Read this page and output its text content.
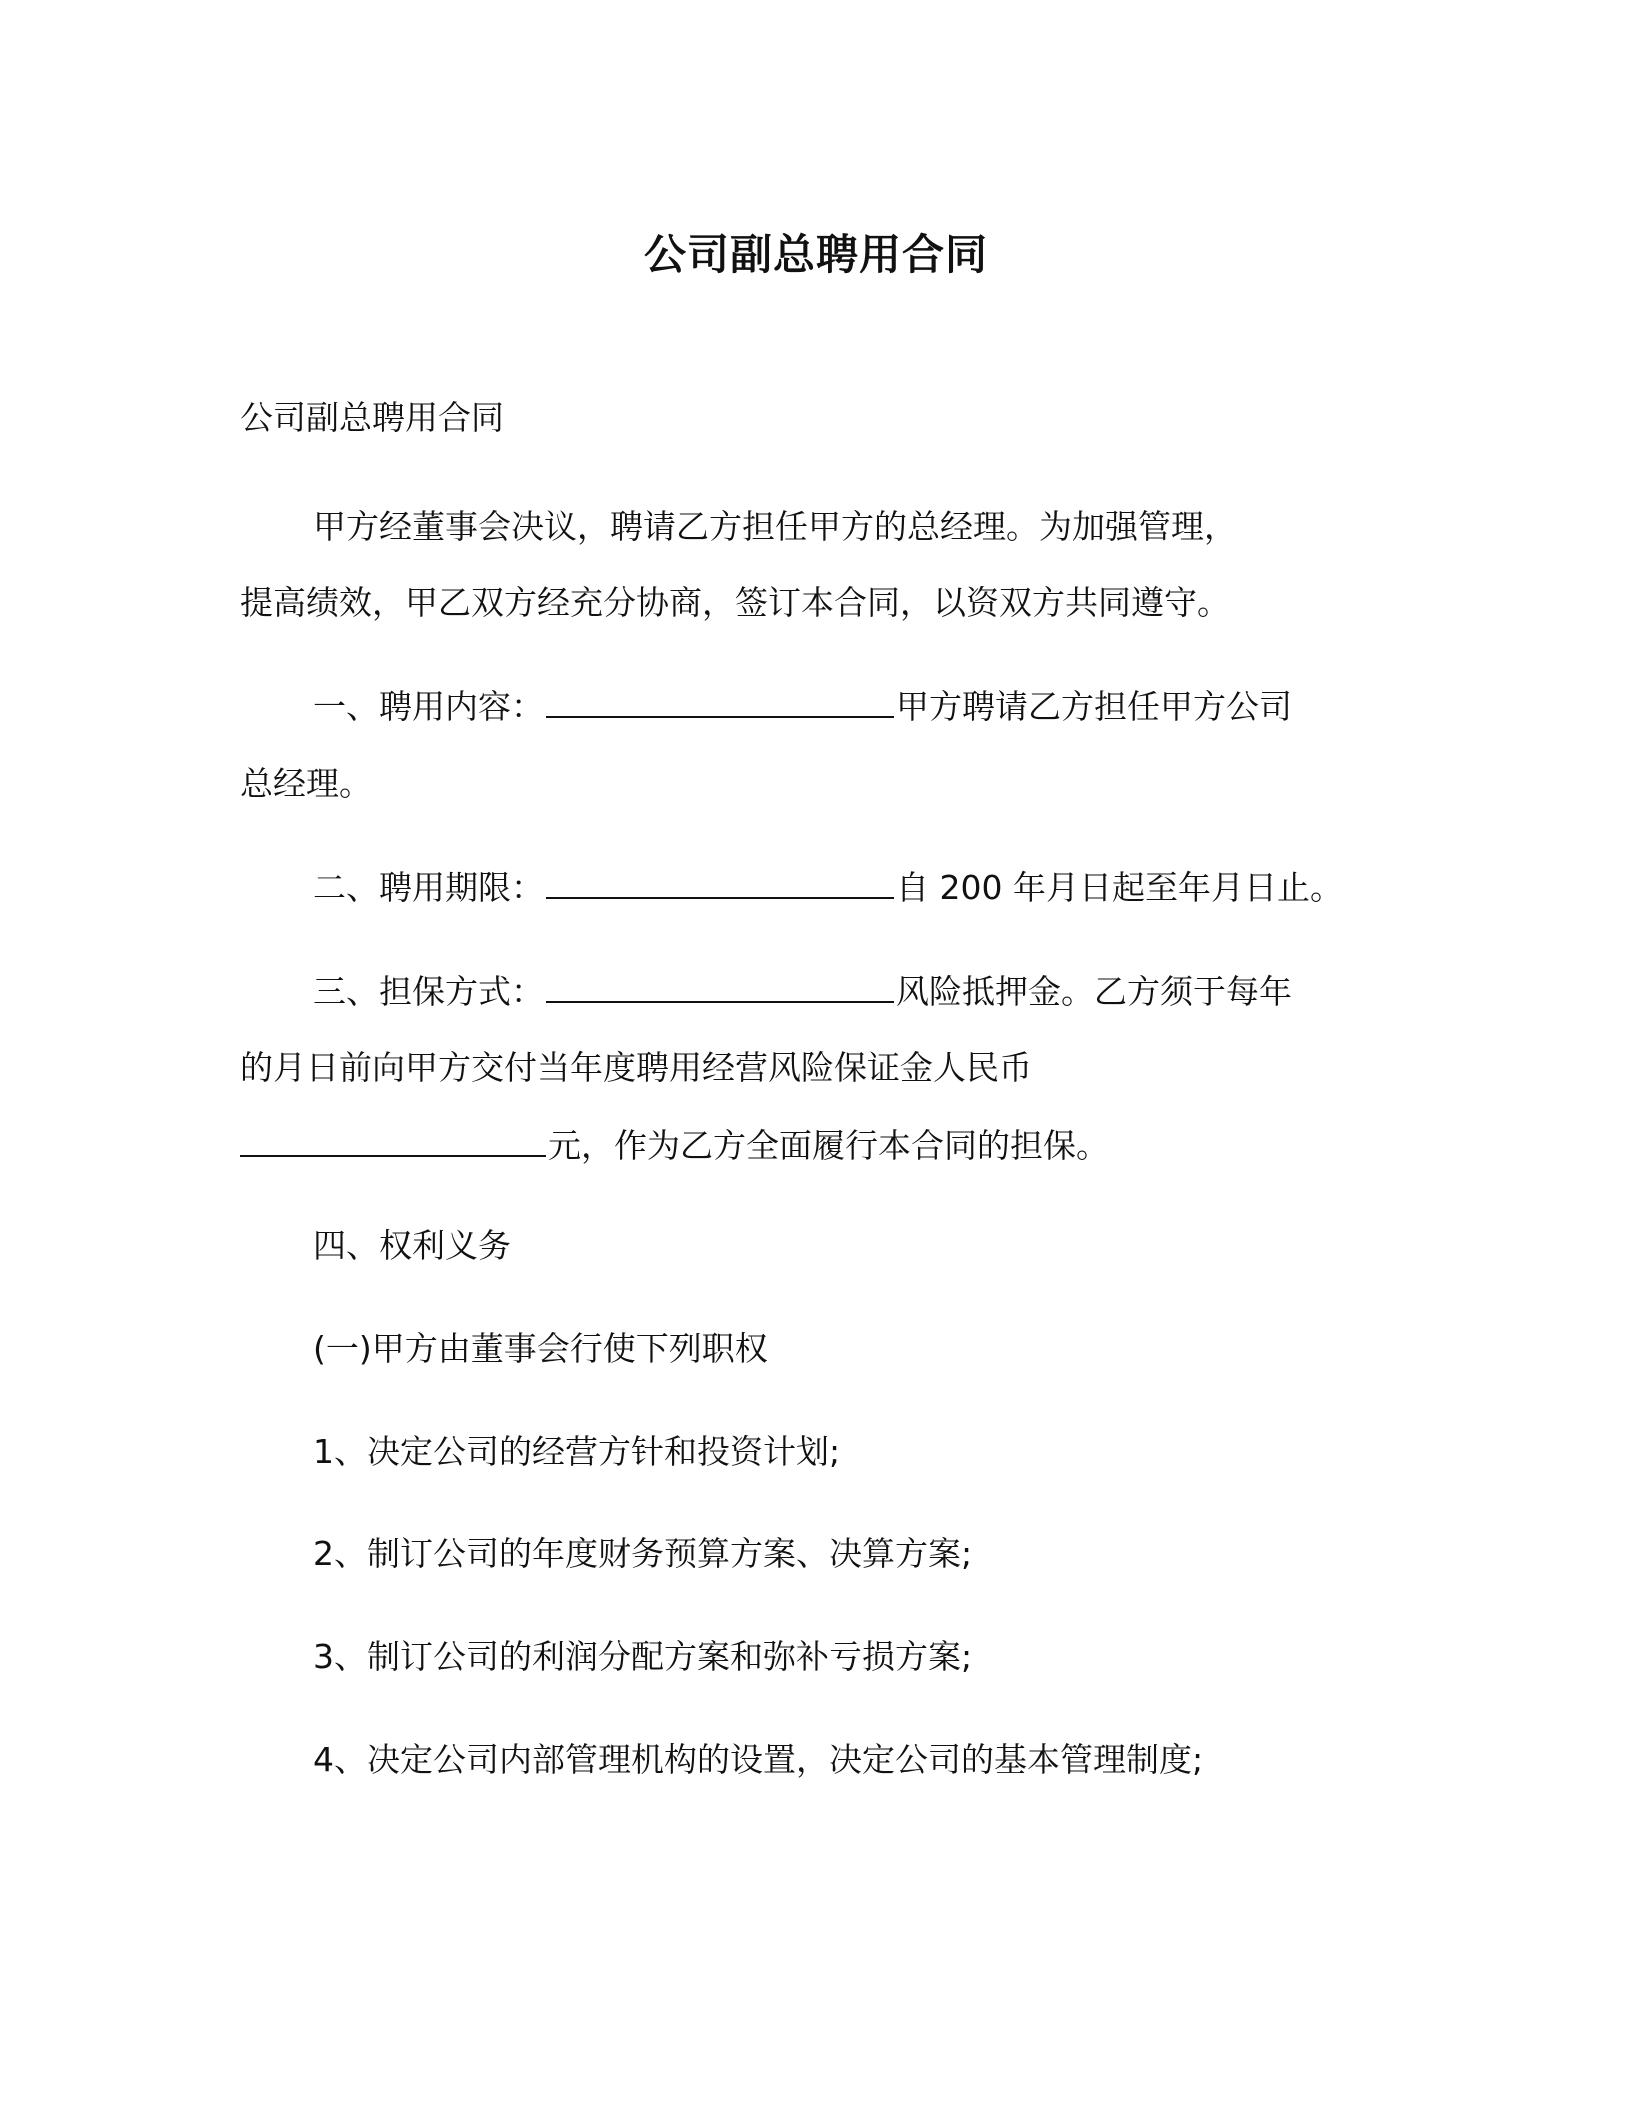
公司副总聘用合同
公司副总聘用合同
甲方经董事会决议，聘请乙方担任甲方的总经理。为加强管理，
提高绩效，甲乙双方经充分协商，签订本合同，以资双方共同遵守。
一、聘用内容：	甲方聘请乙方担任甲方公司
总经理。
二、聘用期限：	自 200 年月日起至年月日止。
三、担保方式：	风险抵押金。乙方须于每年
的月日前向甲方交付当年度聘用经营风险保证金人民币
元，作为乙方全面履行本合同的担保。
四、权利义务
(一)甲方由董事会行使下列职权
1、决定公司的经营方针和投资计划;
2、制订公司的年度财务预算方案、决算方案;
3、制订公司的利润分配方案和弥补亏损方案;
4、决定公司内部管理机构的设置，决定公司的基本管理制度;
